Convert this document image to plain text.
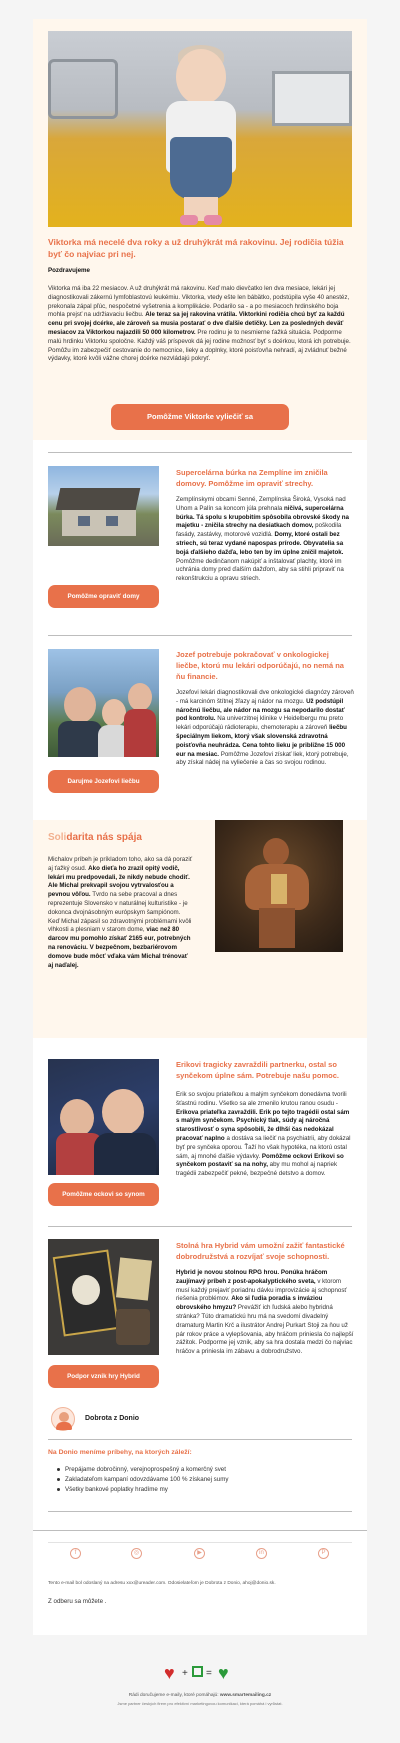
Viktorka má necelé dva roky a už druhýkrát má rakovinu. Jej rodičia túžia byť čo najviac pri nej.
Pozdravujeme
Viktorka má iba 22 mesiacov. A už druhýkrát má rakovinu. Keď malo dievčatko len dva mesiace, lekári jej diagnostikovali zákernú lymfoblastovú leukémiu. Viktorka, vtedy ešte len bábätko, podstúpila vyše 40 anestéz, prekonala zápal pľúc, nespočetné vyšetrenia a komplikácie. Podarilo sa - a po mesiacoch hrdinského boja mohla prejsť na udržiavaciu liečbu. Ale teraz sa jej rakovina vrátila. Viktorkini rodičia chcú byť za každú cenu pri svojej dcérke, ale zároveň sa musia postarať o dve ďalšie detičky. Len za posledných deväť mesiacov za Viktorkou najazdili 50 000 kilometrov. Pre rodinu je to nesmierne ťažká situácia. Podporme malú hrdinku Viktorku spoločne. Každý váš príspevok dá jej rodine možnosť byť s dcérkou, ktorá ich potrebuje. Pomôžu im zabezpečiť cestovanie do nemocnice, lieky a doplnky, ktoré poisťovňa nehradí, aj zvládnuť bežné výdavky, ktoré kvôli vážne chorej dcérke nezvládajú pokryť.
Pomôžme Viktorke vyliečiť sa
Pomôžme opraviť domy
Supercelárna búrka na Zemplíne im zničila domovy. Pomôžme im opraviť strechy.
Zemplínskymi obcami Senné, Zemplínska Široká, Vysoká nad Uhom a Palín sa koncom júla prehnala ničivá, supercelárna búrka. Tá spolu s krupobitím spôsobila obrovské škody na majetku - zničila strechy na desiatkach domov, poškodila fasády, zastávky, motorové vozidlá. Domy, ktoré ostali bez striech, sú teraz vydané napospas prírode. Obyvatelia sa bojá ďalšieho dažďa, lebo ten by im úplne zničil majetok. Pomôžme dedinčanom nakúpiť a inštalovať plachty, ktoré im uchránia domy pred ďalším dažďom, aby sa stihli pripraviť na rekonštrukciu a opravu striech.
Darujme Jozefovi liečbu
Jozef potrebuje pokračovať v onkologickej liečbe, ktorú mu lekári odporúčajú, no nemá na ňu financie.
Jozefovi lekári diagnostikovali dve onkologické diagnózy zároveň - má karcinóm štítnej žľazy aj nádor na mozgu. Už podstúpil náročnú liečbu, ale nádor na mozgu sa nepodarilo dostať pod kontrolu. Na univerzitnej klinike v Heidelbergu mu preto lekári odporúčajú rádioterapiu, chemoterapiu a zároveň liečbu špeciálnym liekom, ktorý však slovenská zdravotná poisťovňa neuhrádza. Cena tohto lieku je približne 15 000 eur na mesiac. Pomôžme Jozefovi získať liek, ktorý potrebuje, aby získal nádej na vyliečenie a čas so svojou rodinou.
Solidarita nás spája
Michalov príbeh je príkladom toho, ako sa dá poraziť aj ťažký osud. Ako dieťa ho zrazil opitý vodič, lekári mu predpovedali, že nikdy nebude chodiť. Ale Michal prekvapil svojou vytrvalosťou a pevnou vôľou. Tvrdo na sebe pracoval a dnes reprezentuje Slovensko v naturálnej kulturistike - je dokonca dvojnásobným európskym šampiónom. Keď Michal zápasil so zdravotnými problémami kvôli vlhkosti a plesniam v starom dome, viac než 80 darcov mu pomohlo získať 2165 eur, potrebných na renováciu. V bezpečnom, bezbariérovom domove bude môcť vďaka vám Michal trénovať aj naďalej.
Pomôžme ockovi so synom
Erikovi tragicky zavraždili partnerku, ostal so synčekom úplne sám. Potrebuje našu pomoc.
Erik so svojou priateľkou a malým synčekom donedávna tvorili šťastnú rodinu. Všetko sa ale zmenilo krutou ranou osudu - Erikova priateľka zavraždili. Erik po tejto tragédii ostal sám s malým synčekom. Psychický tlak, súdy aj náročná starostlivosť o syna spôsobili, že dlhší čas nedokázal pracovať naplno a dostáva sa liečiť na psychiatrii, aby dokázal byť pre synčeka oporou. Ťaží ho však hypotéka, na ktorú ostal sám, aj mnohé ďalšie výdavky. Pomôžme ockovi Erikovi so synčekom postaviť sa na nohy, aby mu mohol aj napriek tragédii zabezpečiť pekné, bezpečné detstvo a domov.
Podpor vznik hry Hybrid
Stolná hra Hybrid vám umožní zažiť fantastické dobrodružstvá a rozvíjať svoje schopnosti.
Hybrid je novou stolnou RPG hrou. Ponúka hráčom zaujímavý príbeh z post-apokalyptického sveta, v ktorom musí každý prejaviť poriadnu dávku improvizácie aj schopnosť riešenia problémov. Ako si ľudia poradia s inváziou obrovského hmyzu? Prevážiť ich ľudská alebo hybridná stránka? Túto dramatickú hru má na svedomí divadelný dramaturg Martin Krč a ilustrátor Andrej Purkart Stoji za ňou už pár rokov práce a vylepšovania, aby hráčom priniesla čo najlepší zážitok. Podporme jej vznik, aby sa hra dostala medzi čo najviac hráčov a priniesla im zábavu a dobrodružstvo.
Dobrota z Donio
Na Donio meníme príbehy, na ktorých záleží:
Prepájame dobročinný, verejnoprospešný a komerčný svet
Zakladateľom kampaní odovzdávame 100 % získanej sumy
Všetky bankové poplatky hradíme my
f	◎	▶	in	P
Tento e-mail bol odoslaný na adresu xxx@ureader.com. Odosielateľom je Dobrota z Donio, ahoj@donio.sk.
Z odberu sa môžete .
♥ + = ♥
Rádi doručujeme e-maily, ktoré pomáhajú: www.smartemailing.cz
Jsme partner českých firem pro efektivní marketingovou komunikaci, která pomáhá i vyrůstat.
